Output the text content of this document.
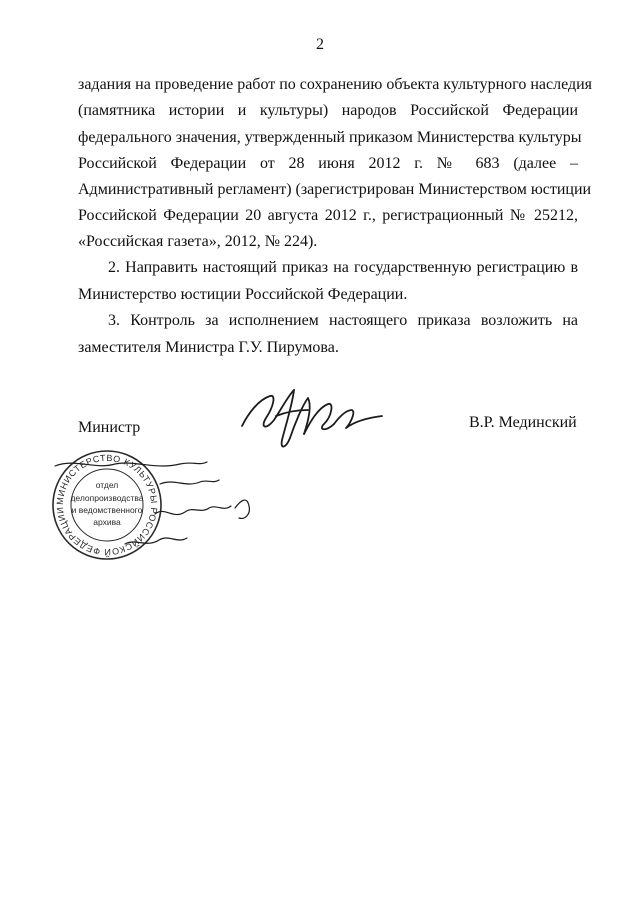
2
задания на проведение работ по сохранению объекта культурного наследия
(памятника истории и культуры) народов Российской Федерации
федерального значения, утвержденный приказом Министерства культуры
Российской Федерации от 28 июня 2012 г. № 683 (далее –
Административный регламент) (зарегистрирован Министерством юстиции
Российской Федерации 20 августа 2012 г., регистрационный № 25212,
«Российская газета», 2012, № 224).
2. Направить настоящий приказ на государственную регистрацию в
Министерство юстиции Российской Федерации.
3. Контроль за исполнением настоящего приказа возложить на
заместителя Министра Г.У. Пирумова.
Министр	В.Р. Мединский
МИНИСТЕРСТВО КУЛЬТУРЫ РОССИЙСКОЙ ФЕДЕРАЦИИ
отдел
делопроизводства
и ведомственного
архива
